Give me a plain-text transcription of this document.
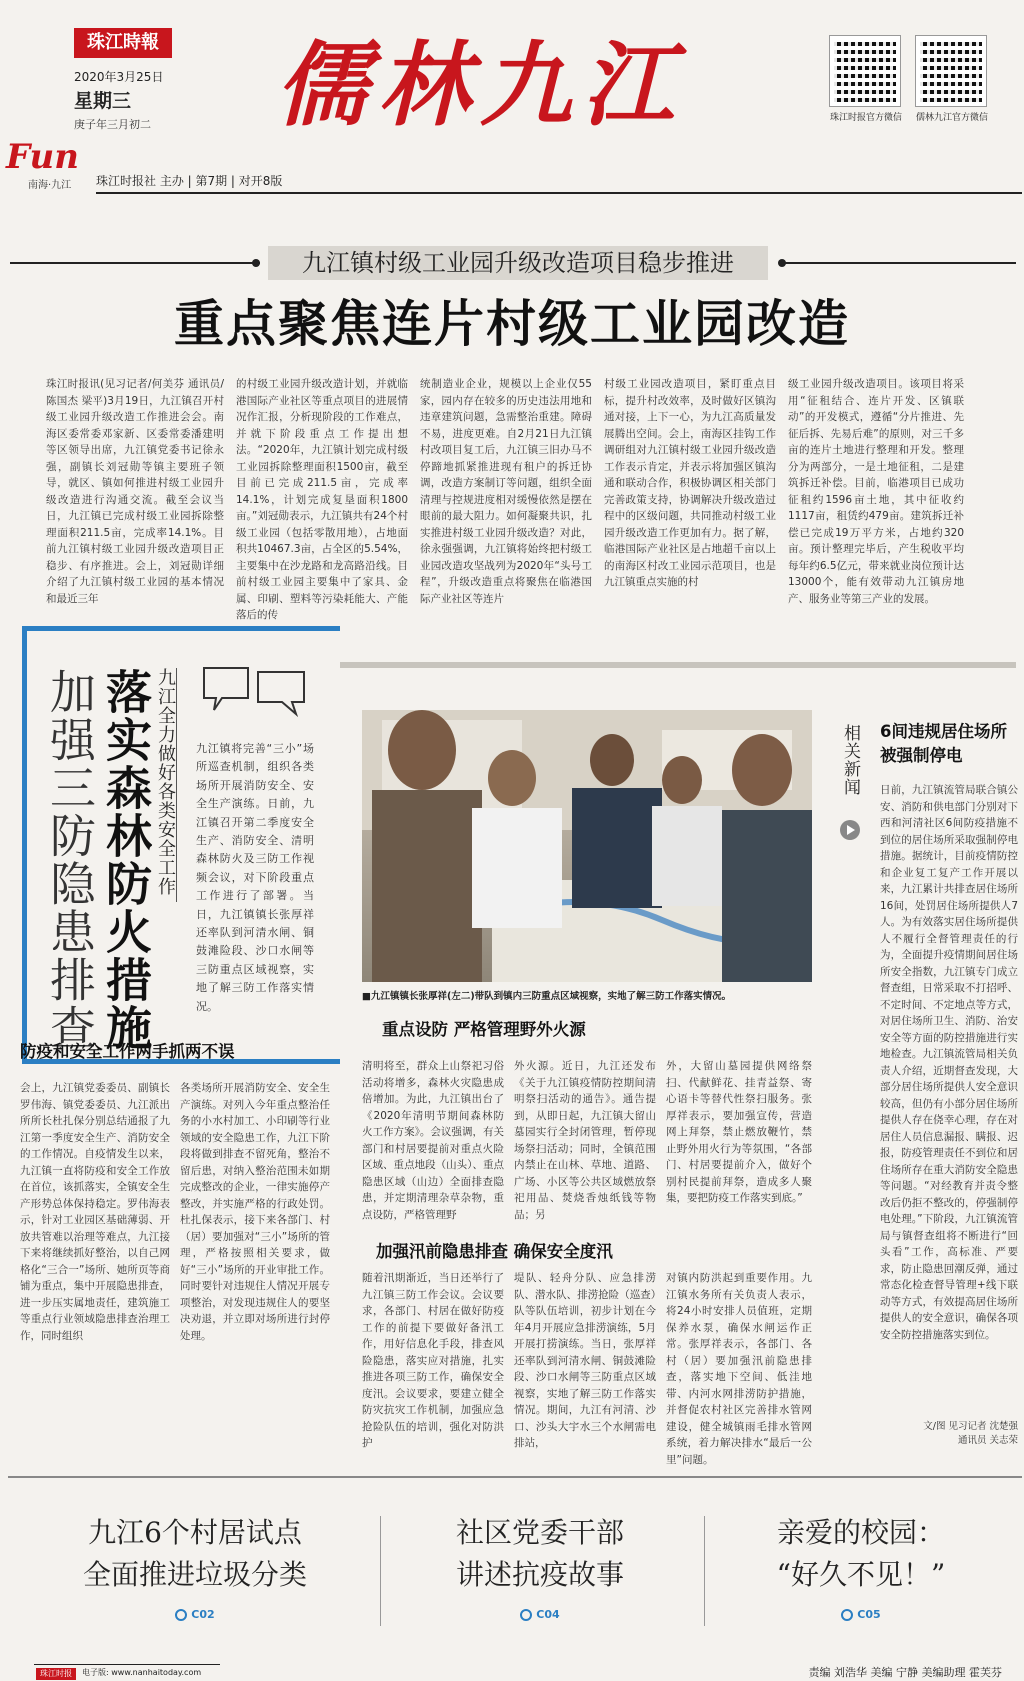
珠江時報
2020年3月25日
星期三
庚子年三月初二 儒林九江	珠江时报官方微信 儒林九江官方微信
Fun
南海·九江	珠江时报社 主办 | 第7期 | 对开8版
九江镇村级工业园升级改造项目稳步推进
重点聚焦连片村级工业园改造
珠江时报讯(见习记者/何美芬 通讯员/陈国杰 梁平)3月19日，九江镇召开村级工业园升级改造工作推进会会。南海区委常委邓家新、区委常委潘建明等区领导出席，九江镇党委书记徐永强，副镇长刘冠勋等镇主要班子领导，就区、镇如何推进村级工业园升级改造进行沟通交流。截至会议当日，九江镇已完成村级工业园拆除整理面积211.5亩，完成率14.1%。目前九江镇村级工业园升级改造项目正稳步、有序推进。会上，刘冠勋详细介绍了九江镇村级工业园的基本情况和最近三年
的村级工业园升级改造计划，并就临港国际产业社区等重点项目的进展情况作汇报，分析现阶段的工作难点，并就下阶段重点工作提出想法。“2020年，九江镇计划完成村级工业园拆除整理面积1500亩，截至目前已完成211.5亩，完成率14.1%，计划完成复垦面积1800亩。”刘冠勋表示，九江镇共有24个村级工业园（包括零散用地），占地面积共10467.3亩，占全区的5.54%，主要集中在沙龙路和龙高路沿线。目前村级工业园主要集中了家具、金属、印刷、塑料等污染耗能大、产能落后的传
统制造业企业，规模以上企业仅55家，园内存在较多的历史违法用地和违章建筑问题，急需整治重建。障碍不易，进度更难。自2月21日九江镇村改项目复工后，九江镇三旧办马不停蹄地抓紧推进现有租户的拆迁协调，改造方案制订等问题，组织全面清理与控规进度相对缓慢依然是摆在眼前的最大阻力。如何凝聚共识，扎实推进村级工业园升级改造？对此，徐永强强调，九江镇将始终把村级工业园改造攻坚战列为2020年“头号工程”，升级改造重点将聚焦在临港国际产业社区等连片
村级工业园改造项目，紧盯重点目标，提升村改效率，及时做好区镇沟通对接，上下一心，为九江高质量发展腾出空间。会上，南海区挂钩工作调研组对九江镇村级工业园升级改造工作表示肯定，并表示将加强区镇沟通和联动合作，积极协调区相关部门完善政策支持，协调解决升级改造过程中的区级问题，共同推动村级工业园升级改造工作更加有力。据了解，临港国际产业社区是占地超千亩以上的南海区村改工业园示范项目，也是九江镇重点实施的村
级工业园升级改造项目。该项目将采用“征租结合、连片开发、区镇联动”的开发模式，遵循“分片推进、先征后拆、先易后难”的原则，对三千多亩的连片土地进行整理和开发。整理分为两部分，一是土地征租，二是建筑拆迁补偿。目前，临港项目已成功征租约1596亩土地，其中征收约1117亩，租赁约479亩。建筑拆迁补偿已完成19万平方米，占地约320亩。预计整理完毕后，产生税收平均每年约6.5亿元，带来就业岗位预计达13000个，能有效带动九江镇房地产、服务业等第三产业的发展。
加强三防隐患排查 落实森林防火措施 九江全力做好各类安全工作 九江镇将完善“三小”场所巡查机制，组织各类场所开展消防安全、安全生产演练。日前，九江镇召开第二季度安全生产、消防安全、清明森林防火及三防工作视频会议，对下阶段重点工作进行了部署。当日，九江镇镇长张厚祥还率队到河清水闸、铜鼓滩险段、沙口水闸等三防重点区域视察，实地了解三防工作落实情况。
■九江镇镇长张厚祥(左二)带队到镇内三防重点区域视察，实地了解三防工作落实情况。
防疫和安全工作两手抓两不误
会上，九江镇党委委员、副镇长罗伟海、镇党委委员、九江派出所所长杜扎保分别总结通报了九江第一季度安全生产、消防安全的工作情况。自疫情发生以来，九江镇一直将防疫和安全工作放在首位，该抓落实，全镇安全生产形势总体保持稳定。罗伟海表示，针对工业园区基础薄弱、开放共管难以治理等难点，九江接下来将继续抓好整治，以自己网格化“三合一”场所、她所页等商铺为重点，集中开展隐患排查，进一步压实属地责任，建筑施工等重点行业领域隐患排查治理工作，同时组织
各类场所开展消防安全、安全生产演练。对列入今年重点整治任务的小水村加工、小印刷等行业领域的安全隐患工作，九江下阶段将做到排查不留死角，整治不留后患，对纳入整治范围未如期完成整改的企业，一律实施停产整改，并实施严格的行政处罚。杜扎保表示，接下来各部门、村（居）要加强对“三小”场所的管理，严格按照相关要求，做好“三小”场所的开业审批工作。同时要针对违规住人情况开展专项整治，对发现违规住人的要坚决劝退，并立即对场所进行封停处理。
重点设防 严格管理野外火源
清明将至，群众上山祭祀习俗活动将增多，森林火灾隐患成倍增加。为此，九江镇出台了《2020年清明节期间森林防火工作方案》。会议强调，有关部门和村居要提前对重点火险区域、重点地段（山头）、重点隐患区域（山边）全面排查隐患，并定期清理杂草杂物，重点设防，严格管理野
外火源。近日，九江还发布《关于九江镇疫情防控期间清明祭扫活动的通告》。通告提到，从即日起，九江镇大留山墓园实行全封闭管理，暂停现场祭扫活动；同时，全镇范围内禁止在山林、草地、道路、广场、小区等公共区域燃放祭祀用品、焚烧香烛纸钱等物品；另
外，大留山墓园提供网络祭扫、代献鲜花、挂青益祭、寄心语卡等替代性祭扫服务。张厚祥表示，要加强宣传，营造网上拜祭，禁止燃放鞭竹，禁止野外用火行为等氛围，“各部门、村居要提前介入，做好个别村民提前拜祭，造成多人聚集，要把防疫工作落实到底。”
加强汛前隐患排查 确保安全度汛
随着汛期渐近，当日还举行了九江镇三防工作会议。会议要求，各部门、村居在做好防疫工作的前提下要做好备汛工作，用好信息化手段，排查风险隐患，落实应对措施，扎实推进各项三防工作，确保安全度汛。会议要求，要建立健全防灾抗灾工作机制，加强应急抢险队伍的培训，强化对防洪护
堤队、轻舟分队、应急排涝队、潜水队、排涝抢险（巡查）队等队伍培训，初步计划在今年4月开展应急排涝演练，5月开展打捞演练。当日，张厚祥还率队到河清水闸、铜鼓滩险段、沙口水闸等三防重点区域视察，实地了解三防工作落实情况。期间，九江有河清、沙口、沙头大宇水三个水闸需电排站，
对镇内防洪起到重要作用。九江镇水务所有关负责人表示，将24小时安排人员值班，定期保养水泵，确保水闸运作正常。张厚祥表示，各部门、各村（居）要加强汛前隐患排查，落实地下空间、低洼地带、内河水网排涝防护措施，并督促农村社区完善排水管网建设，健全城镇雨毛排水管网系统，着力解决排水“最后一公里”问题。
相关新闻 6间违规居住场所被强制停电
日前，九江镇流管局联合镇公安、消防和供电部门分别对下西和河清社区6间防疫措施不到位的居住场所采取强制停电措施。据统计，目前疫情防控和企业复工复产工作开展以来，九江累计共排查居住场所16间，处罚居住场所提供人7人。为有效落实居住场所提供人不履行全督管理责任的行为，全面提升疫情期间居住场所安全指数，九江镇专门成立督查组，日常采取不打招呼、不定时间、不定地点等方式，对居住场所卫生、消防、治安安全等方面的防控措施进行实地检查。九江镇流管局相关负责人介绍，近期督查发现，大部分居住场所提供人安全意识较高，但仍有小部分居住场所提供人存在侥幸心理，存在对居住人员信息漏报、瞒报、迟报，防疫管理责任不到位和居住场所存在重大消防安全隐患等问题。“对经教育并责令整改后仍拒不整改的，停强制停电处理。”下阶段，九江镇流管局与镇督查组将不断进行“回头看”工作，高标准、严要求，防止隐患回潮反弹，通过常态化检查督导管理+线下联动等方式，有效提高居住场所提供人的安全意识，确保各项安全防控措施落实到位。
文/图 见习记者 沈楚强
通讯员 关志荣
九江6个村居试点
全面推进垃圾分类
C02
社区党委干部
讲述抗疫故事
C04
亲爱的校园：
“好久不见！”
C05
珠江时报	电子版: www.nanhaitoday.com	责编 刘浩华 美编 宁静 美编助理 霍芙芬
